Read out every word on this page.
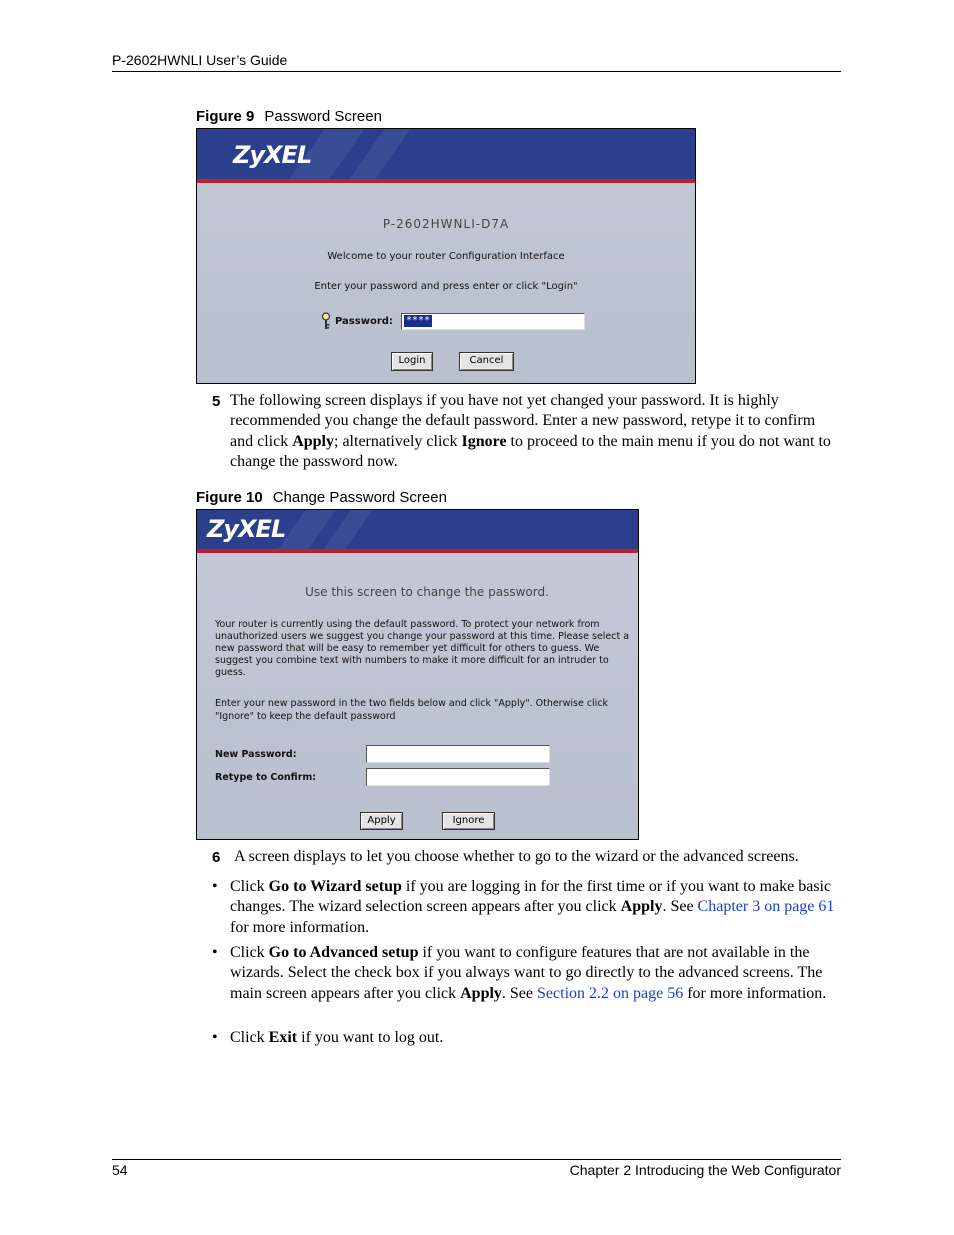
P-2602HWNLI User’s Guide
Figure 9 Password Screen
ZyXEL
P-2602HWNLI-D7A
Welcome to your router Configuration Interface
Enter your password and press enter or click "Login"
Password: ****
Login	Cancel
5 The following screen displays if you have not yet changed your password. It is highly recommended you change the default password. Enter a new password, retype it to confirm and click Apply; alternatively click Ignore to proceed to the main menu if you do not want to change the password now.
Figure 10 Change Password Screen
ZyXEL
Use this screen to change the password.
Your router is currently using the default password. To protect your network from unauthorized users we suggest you change your password at this time. Please select a new password that will be easy to remember yet difficult for others to guess. We suggest you combine text with numbers to make it more difficult for an intruder to guess.
Enter your new password in the two fields below and click "Apply". Otherwise click "Ignore" to keep the default password
New Password:
Retype to Confirm:
Apply	Ignore
6 A screen displays to let you choose whether to go to the wizard or the advanced screens.
• Click Go to Wizard setup if you are logging in for the first time or if you want to make basic changes. The wizard selection screen appears after you click Apply. See Chapter 3 on page 61 for more information.
• Click Go to Advanced setup if you want to configure features that are not available in the wizards. Select the check box if you always want to go directly to the advanced screens. The main screen appears after you click Apply. See Section 2.2 on page 56 for more information.
• Click Exit if you want to log out.
54	Chapter 2 Introducing the Web Configurator
